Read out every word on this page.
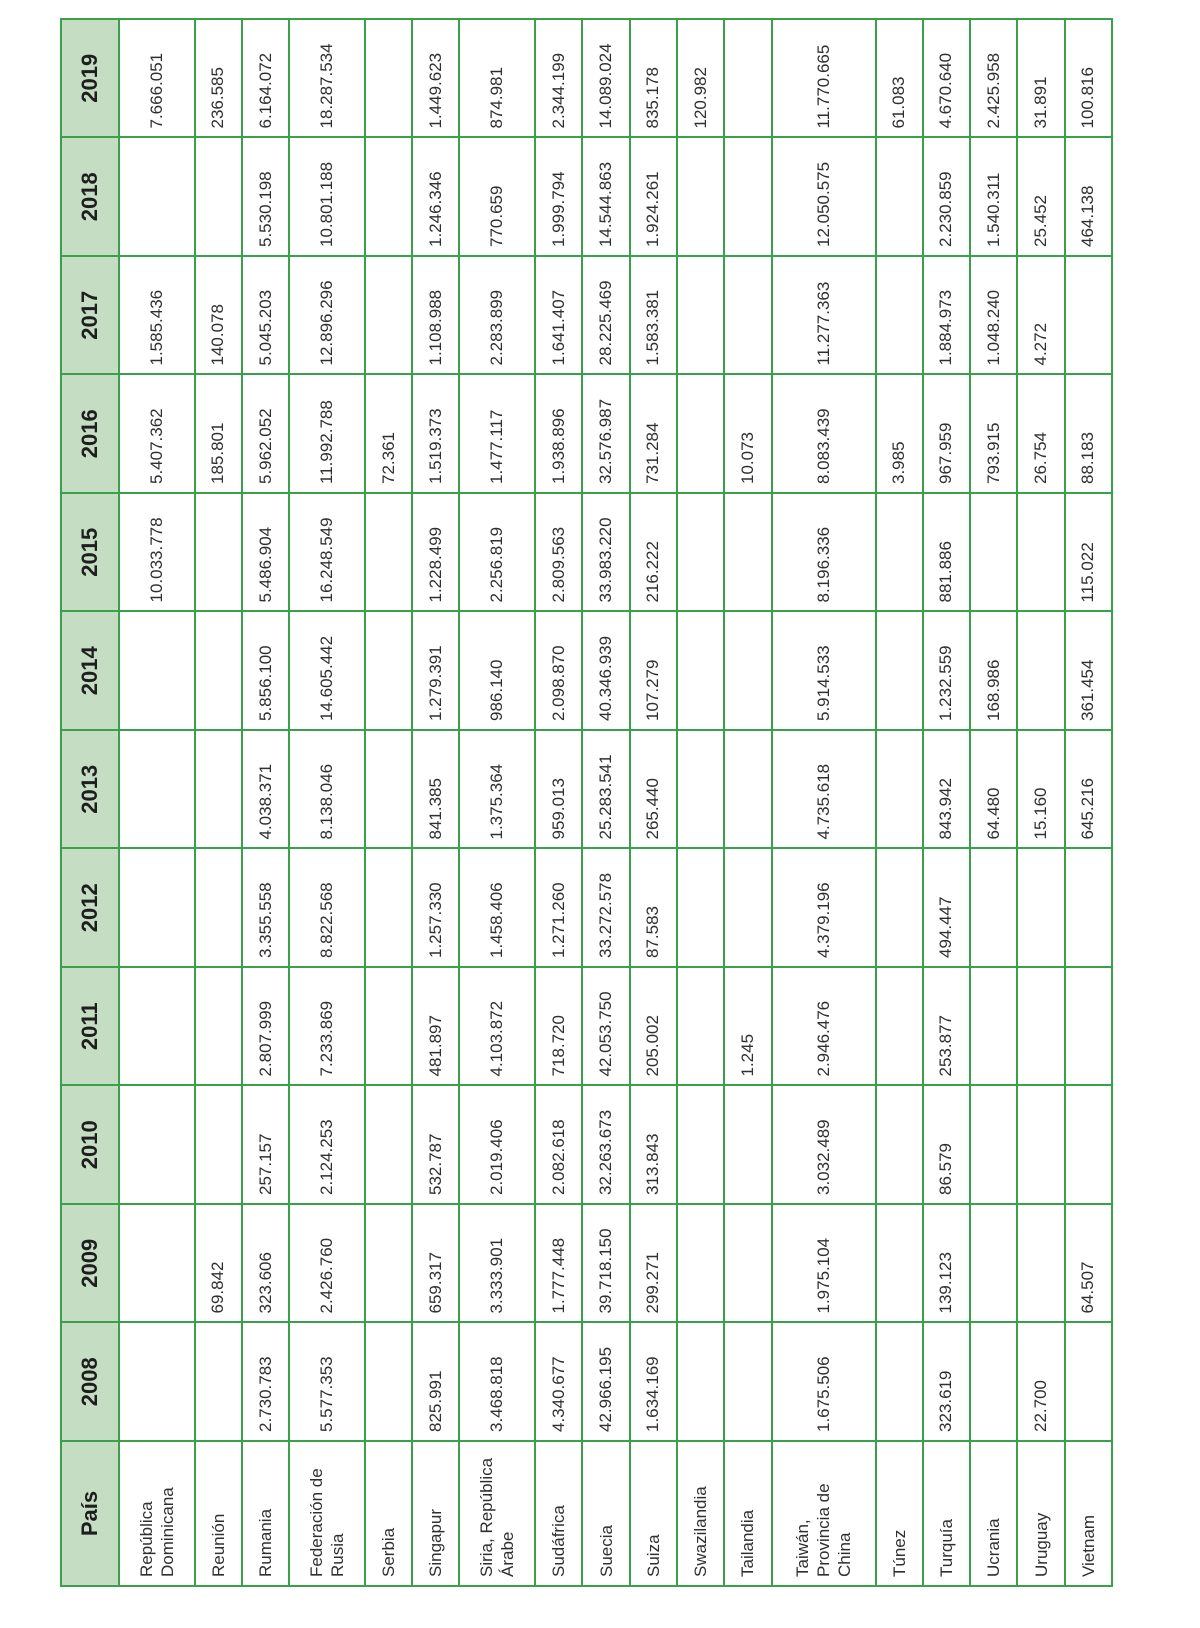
País	2008	2009	2010	2011	2012	2013	2014	2015	2016	2017	2018	2019
República Dominicana								10.033.778	5.407.362	1.585.436		7.666.051
Reunión		69.842							185.801	140.078		236.585
Rumania	2.730.783	323.606	257.157	2.807.999	3.355.558	4.038.371	5.856.100	5.486.904	5.962.052	5.045.203	5.530.198	6.164.072
Federación de Rusia	5.577.353	2.426.760	2.124.253	7.233.869	8.822.568	8.138.046	14.605.442	16.248.549	11.992.788	12.896.296	10.801.188	18.287.534
Serbia									72.361			
Singapur	825.991	659.317	532.787	481.897	1.257.330	841.385	1.279.391	1.228.499	1.519.373	1.108.988	1.246.346	1.449.623
Siria, República Árabe	3.468.818	3.333.901	2.019.406	4.103.872	1.458.406	1.375.364	986.140	2.256.819	1.477.117	2.283.899	770.659	874.981
Sudáfrica	4.340.677	1.777.448	2.082.618	718.720	1.271.260	959.013	2.098.870	2.809.563	1.938.896	1.641.407	1.999.794	2.344.199
Suecia	42.966.195	39.718.150	32.263.673	42.053.750	33.272.578	25.283.541	40.346.939	33.983.220	32.576.987	28.225.469	14.544.863	14.089.024
Suiza	1.634.169	299.271	313.843	205.002	87.583	265.440	107.279	216.222	731.284	1.583.381	1.924.261	835.178
Swazilandia												120.982
Tailandia				1.245					10.073			
Taiwán, Provincia de China	1.675.506	1.975.104	3.032.489	2.946.476	4.379.196	4.735.618	5.914.533	8.196.336	8.083.439	11.277.363	12.050.575	11.770.665
Túnez									3.985			61.083
Turquía	323.619	139.123	86.579	253.877	494.447	843.942	1.232.559	881.886	967.959	1.884.973	2.230.859	4.670.640
Ucrania						64.480	168.986		793.915	1.048.240	1.540.311	2.425.958
Uruguay	22.700					15.160			26.754	4.272	25.452	31.891
Vietnam		64.507				645.216	361.454	115.022	88.183		464.138	100.816
